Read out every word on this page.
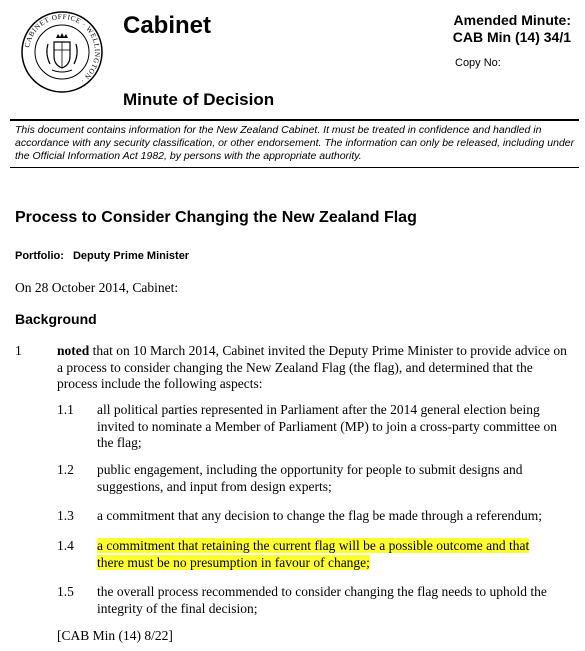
CABINET OFFICE · WELLINGTON ·
Cabinet
Minute of Decision
Amended Minute:
CAB Min (14) 34/1
Copy No:
This document contains information for the New Zealand Cabinet. It must be treated in confidence and handled in accordance with any security classification, or other endorsement. The information can only be released, including under the Official Information Act 1982, by persons with the appropriate authority.
Process to Consider Changing the New Zealand Flag
Portfolio: Deputy Prime Minister
On 28 October 2014, Cabinet:
Background
1	noted that on 10 March 2014, Cabinet invited the Deputy Prime Minister to provide advice on a process to consider changing the New Zealand Flag (the flag), and determined that the process include the following aspects:
1.1 all political parties represented in Parliament after the 2014 general election being invited to nominate a Member of Parliament (MP) to join a cross-party committee on the flag;
1.2 public engagement, including the opportunity for people to submit designs and suggestions, and input from design experts;
1.3 a commitment that any decision to change the flag be made through a referendum;
1.4 a commitment that retaining the current flag will be a possible outcome and that there must be no presumption in favour of change;
1.5 the overall process recommended to consider changing the flag needs to uphold the integrity of the final decision;
[CAB Min (14) 8/22]
